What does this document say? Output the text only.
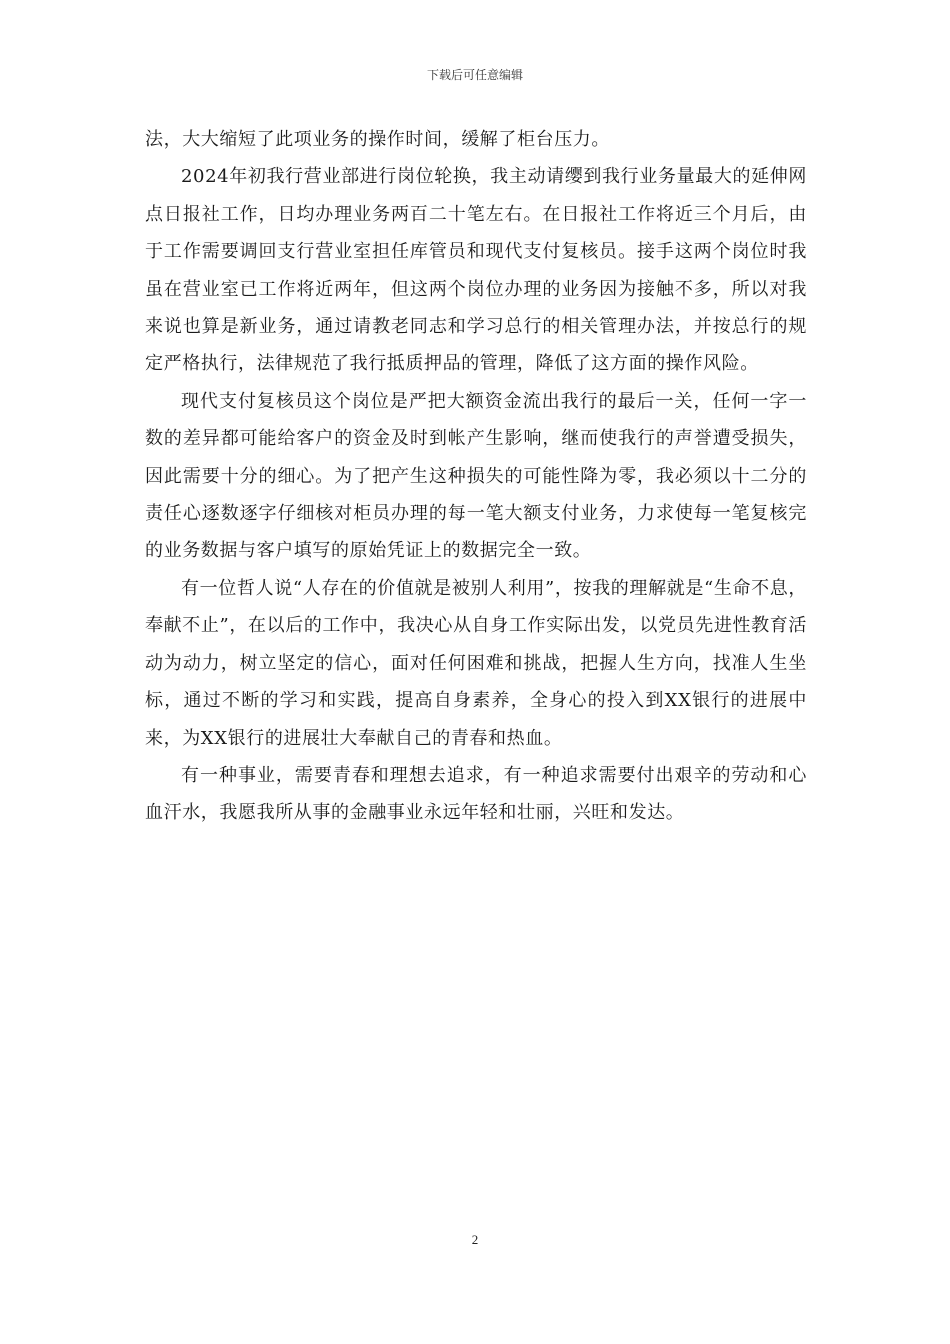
下载后可任意编辑

法，大大缩短了此项业务的操作时间，缓解了柜台压力。

2024年初我行营业部进行岗位轮换，我主动请缨到我行业务量最大的延伸网点日报社工作，日均办理业务两百二十笔左右。在日报社工作将近三个月后，由于工作需要调回支行营业室担任库管员和现代支付复核员。接手这两个岗位时我虽在营业室已工作将近两年，但这两个岗位办理的业务因为接触不多，所以对我来说也算是新业务，通过请教老同志和学习总行的相关管理办法，并按总行的规定严格执行，法律规范了我行抵质押品的管理，降低了这方面的操作风险。

现代支付复核员这个岗位是严把大额资金流出我行的最后一关，任何一字一数的差异都可能给客户的资金及时到帐产生影响，继而使我行的声誉遭受损失，因此需要十分的细心。为了把产生这种损失的可能性降为零，我必须以十二分的责任心逐数逐字仔细核对柜员办理的每一笔大额支付业务，力求使每一笔复核完的业务数据与客户填写的原始凭证上的数据完全一致。

有一位哲人说“人存在的价值就是被别人利用”，按我的理解就是“生命不息，奉献不止”，在以后的工作中，我决心从自身工作实际出发，以党员先进性教育活动为动力，树立坚定的信心，面对任何困难和挑战，把握人生方向，找准人生坐标，通过不断的学习和实践，提高自身素养，全身心的投入到XX银行的进展中来，为XX银行的进展壮大奉献自己的青春和热血。

有一种事业，需要青春和理想去追求，有一种追求需要付出艰辛的劳动和心血汗水，我愿我所从事的金融事业永远年轻和壮丽，兴旺和发达。

2
